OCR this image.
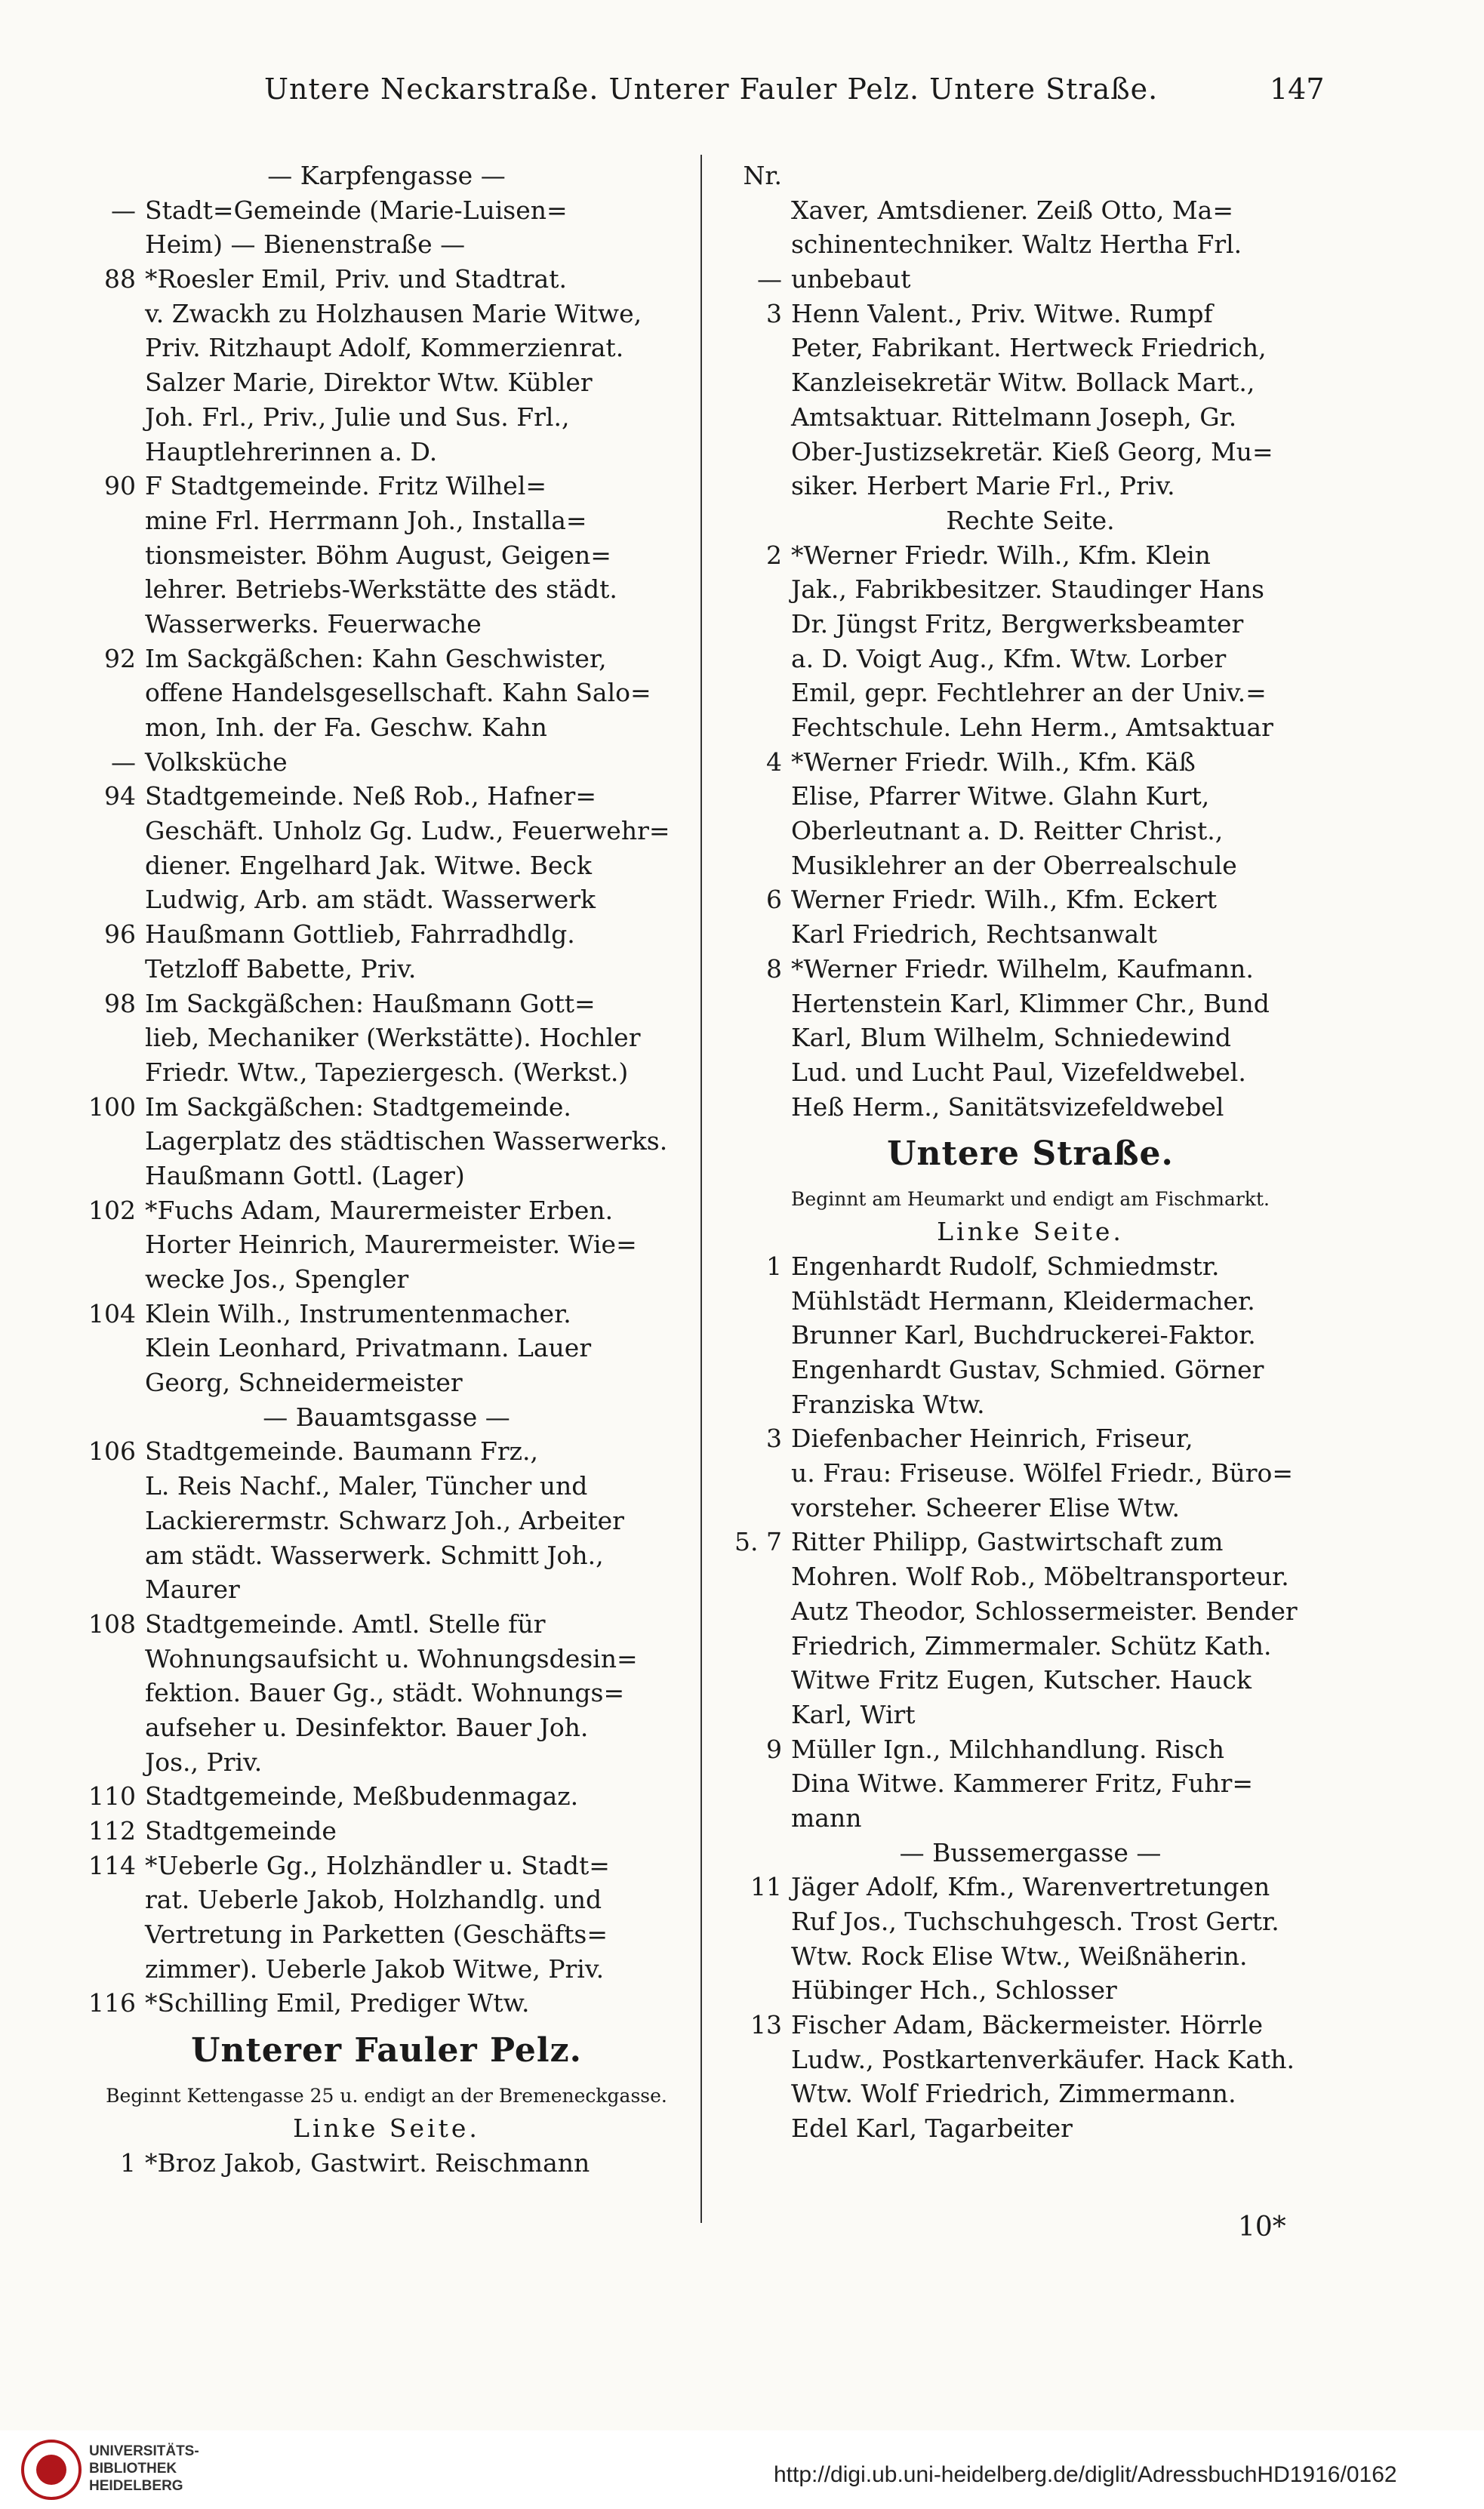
Untere Neckarstraße. Unterer Fauler Pelz. Untere Straße.	147
— Karpfengasse —
— Stadt=Gemeinde (Marie-Luisen=
Heim) — Bienenstraße —
88 *Roesler Emil, Priv. und Stadtrat.
v. Zwackh zu Holzhausen Marie Witwe,
Priv. Ritzhaupt Adolf, Kommerzienrat.
Salzer Marie, Direktor Wtw. Kübler
Joh. Frl., Priv., Julie und Sus. Frl.,
Hauptlehrerinnen a. D.
90 F Stadtgemeinde. Fritz Wilhel=
mine Frl. Herrmann Joh., Installa=
tionsmeister. Böhm August, Geigen=
lehrer. Betriebs-Werkstätte des städt.
Wasserwerks. Feuerwache
92 Im Sackgäßchen: Kahn Geschwister,
offene Handelsgesellschaft. Kahn Salo=
mon, Inh. der Fa. Geschw. Kahn
— Volksküche
94 Stadtgemeinde. Neß Rob., Hafner=
Geschäft. Unholz Gg. Ludw., Feuerwehr=
diener. Engelhard Jak. Witwe. Beck
Ludwig, Arb. am städt. Wasserwerk
96 Haußmann Gottlieb, Fahrradhdlg.
Tetzloff Babette, Priv.
98 Im Sackgäßchen: Haußmann Gott=
lieb, Mechaniker (Werkstätte). Hochler
Friedr. Wtw., Tapeziergesch. (Werkst.)
100 Im Sackgäßchen: Stadtgemeinde.
Lagerplatz des städtischen Wasserwerks.
Haußmann Gottl. (Lager)
102 *Fuchs Adam, Maurermeister Erben.
Horter Heinrich, Maurermeister. Wie=
wecke Jos., Spengler
104 Klein Wilh., Instrumentenmacher.
Klein Leonhard, Privatmann. Lauer
Georg, Schneidermeister
— Bauamtsgasse —
106 Stadtgemeinde. Baumann Frz.,
L. Reis Nachf., Maler, Tüncher und
Lackierermstr. Schwarz Joh., Arbeiter
am städt. Wasserwerk. Schmitt Joh.,
Maurer
108 Stadtgemeinde. Amtl. Stelle für
Wohnungsaufsicht u. Wohnungsdesin=
fektion. Bauer Gg., städt. Wohnungs=
aufseher u. Desinfektor. Bauer Joh.
Jos., Priv.
110 Stadtgemeinde, Meßbudenmagaz.
112 Stadtgemeinde
114 *Ueberle Gg., Holzhändler u. Stadt=
rat. Ueberle Jakob, Holzhandlg. und
Vertretung in Parketten (Geschäfts=
zimmer). Ueberle Jakob Witwe, Priv.
116 *Schilling Emil, Prediger Wtw.
Unterer Fauler Pelz.
Beginnt Kettengasse 25 u. endigt an der Bremeneckgasse.
Linke Seite.
1 *Broz Jakob, Gastwirt. Reischmann
Nr.
Xaver, Amtsdiener. Zeiß Otto, Ma=
schinentechniker. Waltz Hertha Frl.
— unbebaut
3 Henn Valent., Priv. Witwe. Rumpf
Peter, Fabrikant. Hertweck Friedrich,
Kanzleisekretär Witw. Bollack Mart.,
Amtsaktuar. Rittelmann Joseph, Gr.
Ober-Justizsekretär. Kieß Georg, Mu=
siker. Herbert Marie Frl., Priv.
Rechte Seite.
2 *Werner Friedr. Wilh., Kfm. Klein
Jak., Fabrikbesitzer. Staudinger Hans
Dr. Jüngst Fritz, Bergwerksbeamter
a. D. Voigt Aug., Kfm. Wtw. Lorber
Emil, gepr. Fechtlehrer an der Univ.=
Fechtschule. Lehn Herm., Amtsaktuar
4 *Werner Friedr. Wilh., Kfm. Käß
Elise, Pfarrer Witwe. Glahn Kurt,
Oberleutnant a. D. Reitter Christ.,
Musiklehrer an der Oberrealschule
6 Werner Friedr. Wilh., Kfm. Eckert
Karl Friedrich, Rechtsanwalt
8 *Werner Friedr. Wilhelm, Kaufmann.
Hertenstein Karl, Klimmer Chr., Bund
Karl, Blum Wilhelm, Schniedewind
Lud. und Lucht Paul, Vizefeldwebel.
Heß Herm., Sanitätsvizefeldwebel
Untere Straße.
Beginnt am Heumarkt und endigt am Fischmarkt.
Linke Seite.
1 Engenhardt Rudolf, Schmiedmstr.
Mühlstädt Hermann, Kleidermacher.
Brunner Karl, Buchdruckerei-Faktor.
Engenhardt Gustav, Schmied. Görner
Franziska Wtw.
3 Diefenbacher Heinrich, Friseur,
u. Frau: Friseuse. Wölfel Friedr., Büro=
vorsteher. Scheerer Elise Wtw.
5. 7 Ritter Philipp, Gastwirtschaft zum
Mohren. Wolf Rob., Möbeltransporteur.
Autz Theodor, Schlossermeister. Bender
Friedrich, Zimmermaler. Schütz Kath.
Witwe Fritz Eugen, Kutscher. Hauck
Karl, Wirt
9 Müller Ign., Milchhandlung. Risch
Dina Witwe. Kammerer Fritz, Fuhr=
mann
— Bussemergasse —
11 Jäger Adolf, Kfm., Warenvertretungen
Ruf Jos., Tuchschuhgesch. Trost Gertr.
Wtw. Rock Elise Wtw., Weißnäherin.
Hübinger Hch., Schlosser
13 Fischer Adam, Bäckermeister. Hörrle
Ludw., Postkartenverkäufer. Hack Kath.
Wtw. Wolf Friedrich, Zimmermann.
Edel Karl, Tagarbeiter
10*
UNIVERSITÄTS-
BIBLIOTHEK
HEIDELBERG	http://digi.ub.uni-heidelberg.de/diglit/AdressbuchHD1916/0162
